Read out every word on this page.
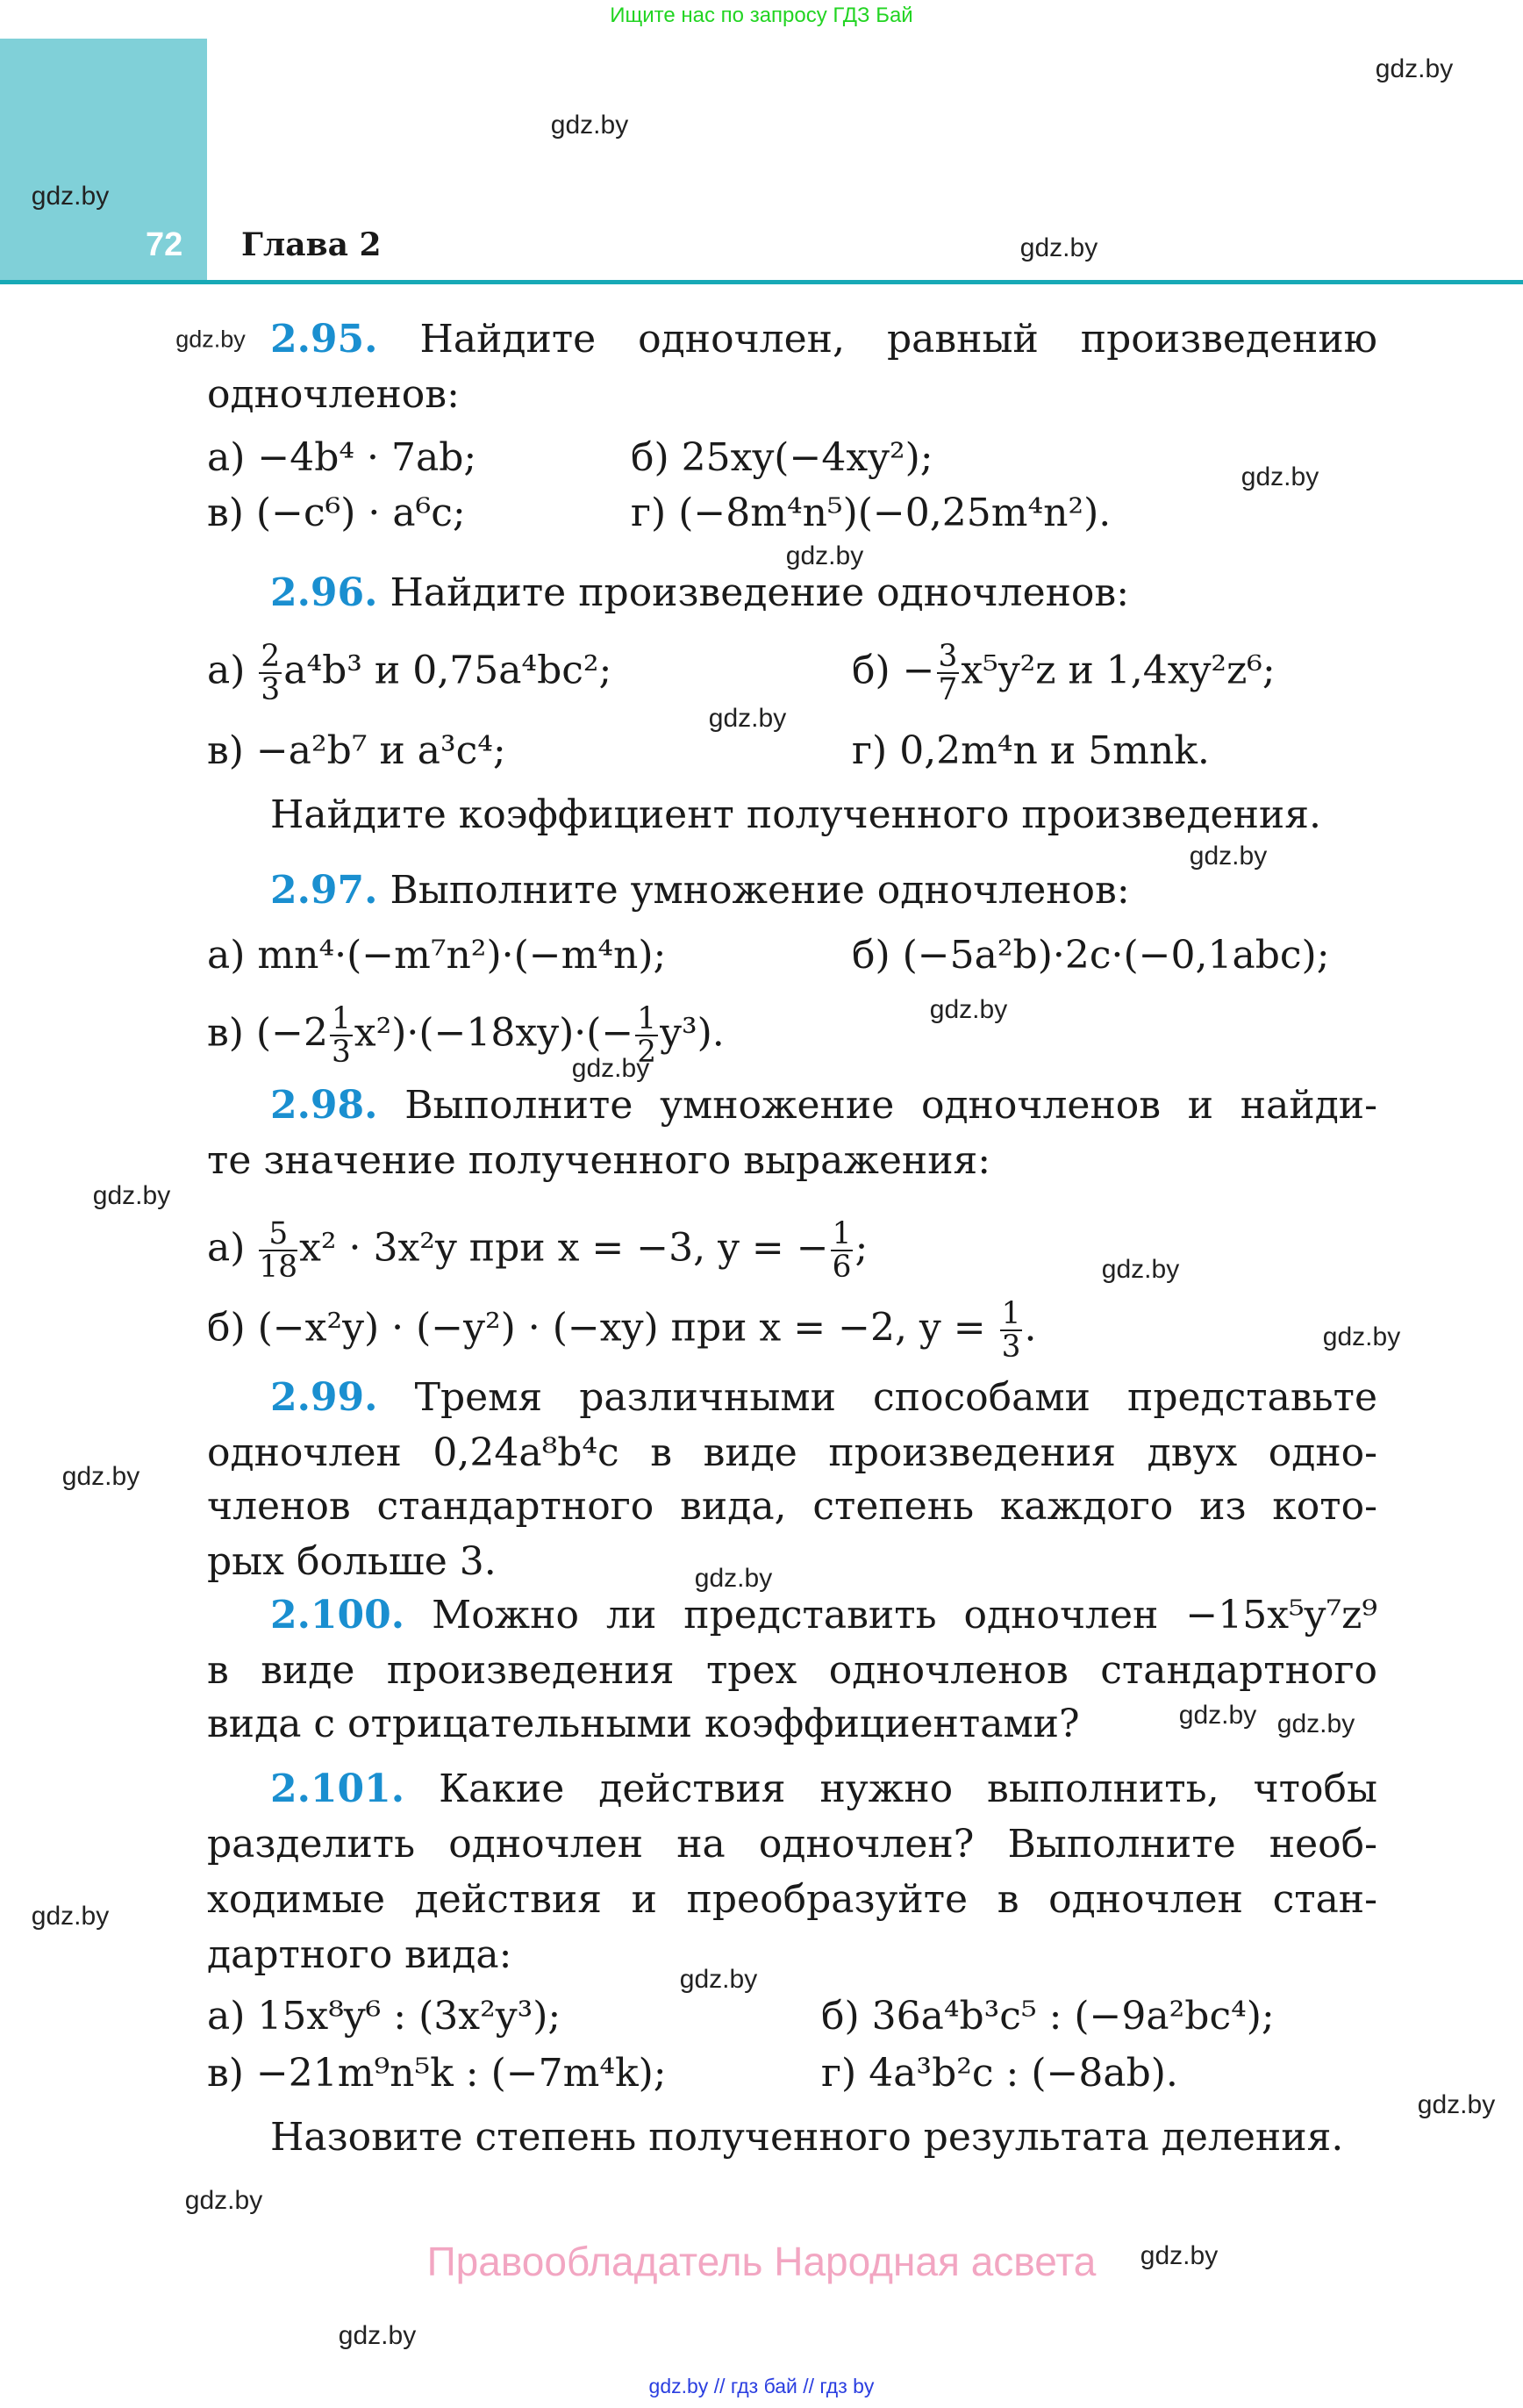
Ищите нас по запросу ГДЗ Бай
72 Глава 2
2.95. Найдите одночлен, равный произведению
одночленов:
а) −4b⁴ · 7ab;	б) 25xy(−4xy²);
в) (−c⁶) · a⁶c;	г) (−8m⁴n⁵)(−0,25m⁴n²).
2.96. Найдите произведение одночленов:
$а) \frac{2}{3} a^4b^3$ и 0,75a⁴bc²;	$б) - \frac{3}{7} x^5y^2z$ и 1,4xy²z⁶;
в) −a²b⁷ и a³c⁴;	г) 0,2m⁴n и 5mnk.
Найдите коэффициент полученного произведения.
2.97. Выполните умножение одночленов:
а) mn⁴·(−m⁷n²)·(−m⁴n);	б) (−5a²b)·2c·(−0,1abc);
в) $(-2 \frac{1}{3} x^2)\cdot(-18xy)\cdot(- \frac{1}{2} y^3)$.
2.98. Выполните умножение одночленов и найди-
те значение полученного выражения:
$а) \frac{5}{18} x^2 \cdot 3x^2y$ при x = −3, y = − $\frac{1}{6}$ ;
б) (−x²y) · (−y²) · (−xy) при x = −2, $y = \frac{1}{3}$ .
2.99. Тремя различными способами представьте
одночлен 0,24a⁸b⁴c в виде произведения двух одно-
членов стандартного вида, степень каждого из кото-
рых больше 3.
2.100. Можно ли представить одночлен −15x⁵y⁷z⁹
в виде произведения трех одночленов стандартного
вида с отрицательными коэффициентами?
2.101. Какие действия нужно выполнить, чтобы
разделить одночлен на одночлен? Выполните необ-
ходимые действия и преобразуйте в одночлен стан-
дартного вида:
а) 15x⁸y⁶ : (3x²y³);	б) 36a⁴b³c⁵ : (−9a²bc⁴);
в) −21m⁹n⁵k : (−7m⁴k);	г) 4a³b²c : (−8ab).
Назовите степень полученного результата деления.
gdz.by
gdz.by
gdz.by
gdz.by
gdz.by
gdz.by
gdz.by
gdz.by
gdz.by
gdz.by
gdz.by
gdz.by
gdz.by
gdz.by
gdz.by
gdz.by
gdz.by gdz.by
gdz.by
gdz.by
gdz.by
gdz.by
gdz.by
gdz.by
Правообладатель Народная асвета
gdz.by // гдз бай // гдз by
